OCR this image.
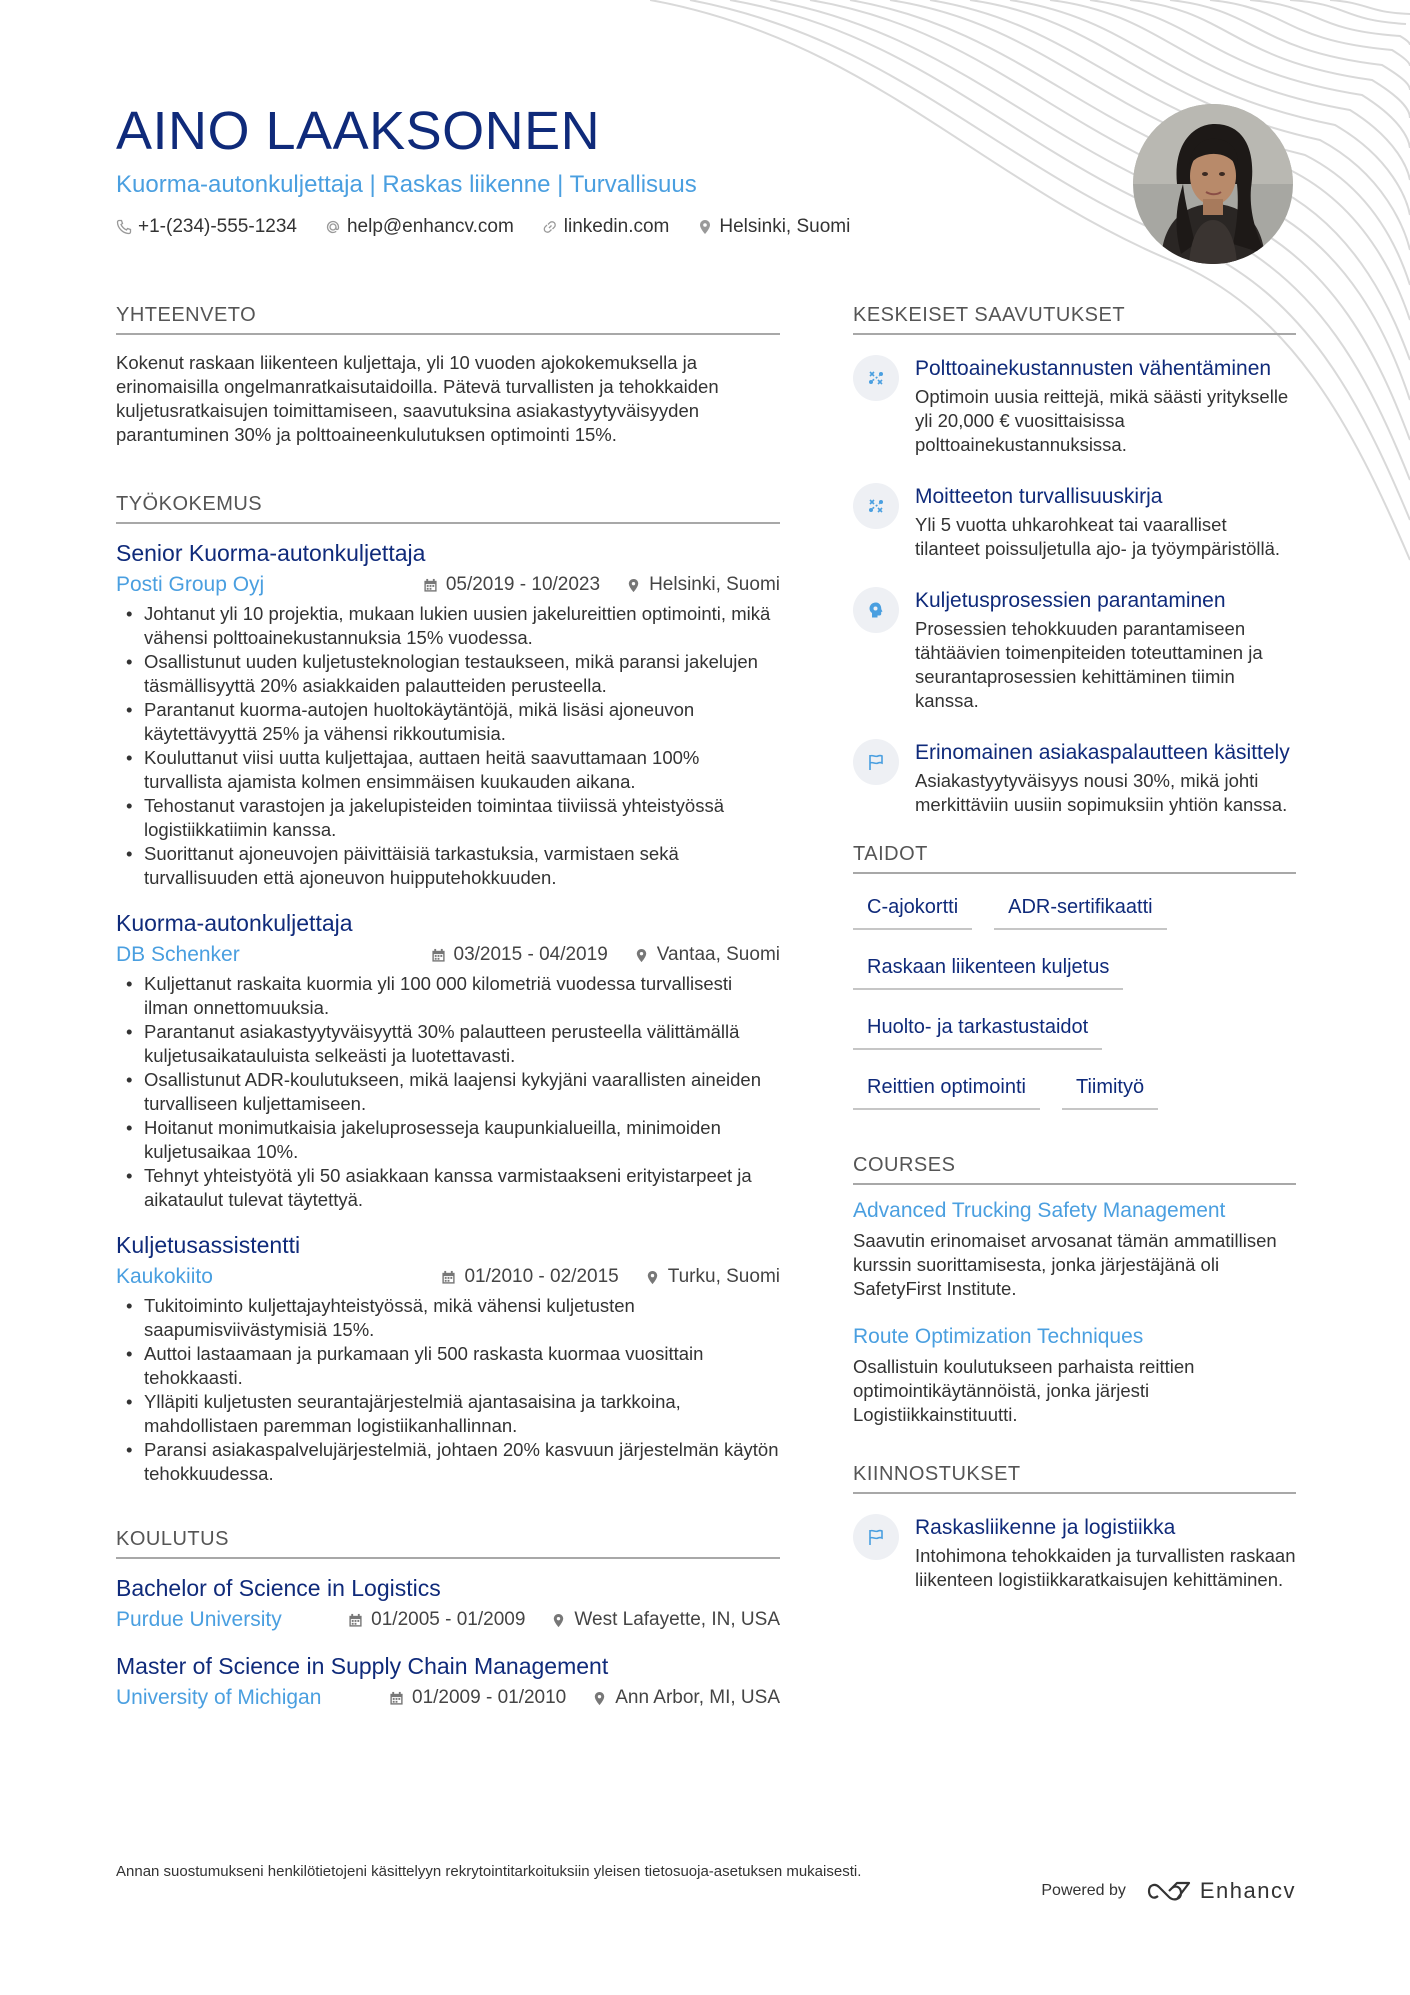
AINO LAAKSONEN
Kuorma-autonkuljettaja | Raskas liikenne | Turvallisuus
+1-(234)-555-1234	help@enhancv.com	linkedin.com	Helsinki, Suomi
YHTEENVETO
Kokenut raskaan liikenteen kuljettaja, yli 10 vuoden ajokokemuksella ja erinomaisilla ongelmanratkaisutaidoilla. Pätevä turvallisten ja tehokkaiden kuljetusratkaisujen toimittamiseen, saavutuksina asiakastyytyväisyyden parantuminen 30% ja polttoaineenkulutuksen optimointi 15%.
TYÖKOKEMUS
Senior Kuorma-autonkuljettaja
Posti Group Oyj	05/2019 - 10/2023	Helsinki, Suomi
• Johtanut yli 10 projektia, mukaan lukien uusien jakelureittien optimointi, mikä vähensi polttoainekustannuksia 15% vuodessa.
• Osallistunut uuden kuljetusteknologian testaukseen, mikä paransi jakelujen täsmällisyyttä 20% asiakkaiden palautteiden perusteella.
• Parantanut kuorma-autojen huoltokäytäntöjä, mikä lisäsi ajoneuvon käytettävyyttä 25% ja vähensi rikkoutumisia.
• Kouluttanut viisi uutta kuljettajaa, auttaen heitä saavuttamaan 100% turvallista ajamista kolmen ensimmäisen kuukauden aikana.
• Tehostanut varastojen ja jakelupisteiden toimintaa tiiviissä yhteistyössä logistiikkatiimin kanssa.
• Suorittanut ajoneuvojen päivittäisiä tarkastuksia, varmistaen sekä turvallisuuden että ajoneuvon huipputehokkuuden.
Kuorma-autonkuljettaja
DB Schenker	03/2015 - 04/2019	Vantaa, Suomi
• Kuljettanut raskaita kuormia yli 100 000 kilometriä vuodessa turvallisesti ilman onnettomuuksia.
• Parantanut asiakastyytyväisyyttä 30% palautteen perusteella välittämällä kuljetusaikatauluista selkeästi ja luotettavasti.
• Osallistunut ADR-koulutukseen, mikä laajensi kykyjäni vaarallisten aineiden turvalliseen kuljettamiseen.
• Hoitanut monimutkaisia jakeluprosesseja kaupunkialueilla, minimoiden kuljetusaikaa 10%.
• Tehnyt yhteistyötä yli 50 asiakkaan kanssa varmistaakseni erityistarpeet ja aikataulut tulevat täytettyä.
Kuljetusassistentti
Kaukokiito	01/2010 - 02/2015	Turku, Suomi
• Tukitoiminto kuljettajayhteistyössä, mikä vähensi kuljetusten saapumisviivästymisiä 15%.
• Auttoi lastaamaan ja purkamaan yli 500 raskasta kuormaa vuosittain tehokkaasti.
• Ylläpiti kuljetusten seurantajärjestelmiä ajantasaisina ja tarkkoina, mahdollistaen paremman logistiikanhallinnan.
• Paransi asiakaspalvelujärjestelmiä, johtaen 20% kasvuun järjestelmän käytön tehokkuudessa.
KOULUTUS
Bachelor of Science in Logistics
Purdue University	01/2005 - 01/2009	West Lafayette, IN, USA
Master of Science in Supply Chain Management
University of Michigan	01/2009 - 01/2010	Ann Arbor, MI, USA
KESKEISET SAAVUTUKSET
Polttoainekustannusten vähentäminen
Optimoin uusia reittejä, mikä säästi yritykselle yli 20,000 € vuosittaisissa polttoainekustannuksissa.
Moitteeton turvallisuuskirja
Yli 5 vuotta uhkarohkeat tai vaaralliset tilanteet poissuljetulla ajo- ja työympäristöllä.
Kuljetusprosessien parantaminen
Prosessien tehokkuuden parantamiseen tähtäävien toimenpiteiden toteuttaminen ja seurantaprosessien kehittäminen tiimin kanssa.
Erinomainen asiakaspalautteen käsittely
Asiakastyytyväisyys nousi 30%, mikä johti merkittäviin uusiin sopimuksiin yhtiön kanssa.
TAIDOT
C-ajokortti	ADR-sertifikaatti
Raskaan liikenteen kuljetus
Huolto- ja tarkastustaidot
Reittien optimointi	Tiimityö
COURSES
Advanced Trucking Safety Management
Saavutin erinomaiset arvosanat tämän ammatillisen kurssin suorittamisesta, jonka järjestäjänä oli SafetyFirst Institute.
Route Optimization Techniques
Osallistuin koulutukseen parhaista reittien optimointikäytännöistä, jonka järjesti Logistiikkainstituutti.
KIINNOSTUKSET
Raskasliikenne ja logistiikka
Intohimona tehokkaiden ja turvallisten raskaan liikenteen logistiikkaratkaisujen kehittäminen.
Annan suostumukseni henkilötietojeni käsittelyyn rekrytointitarkoituksiin yleisen tietosuoja-asetuksen mukaisesti.
Powered by	Enhancv
